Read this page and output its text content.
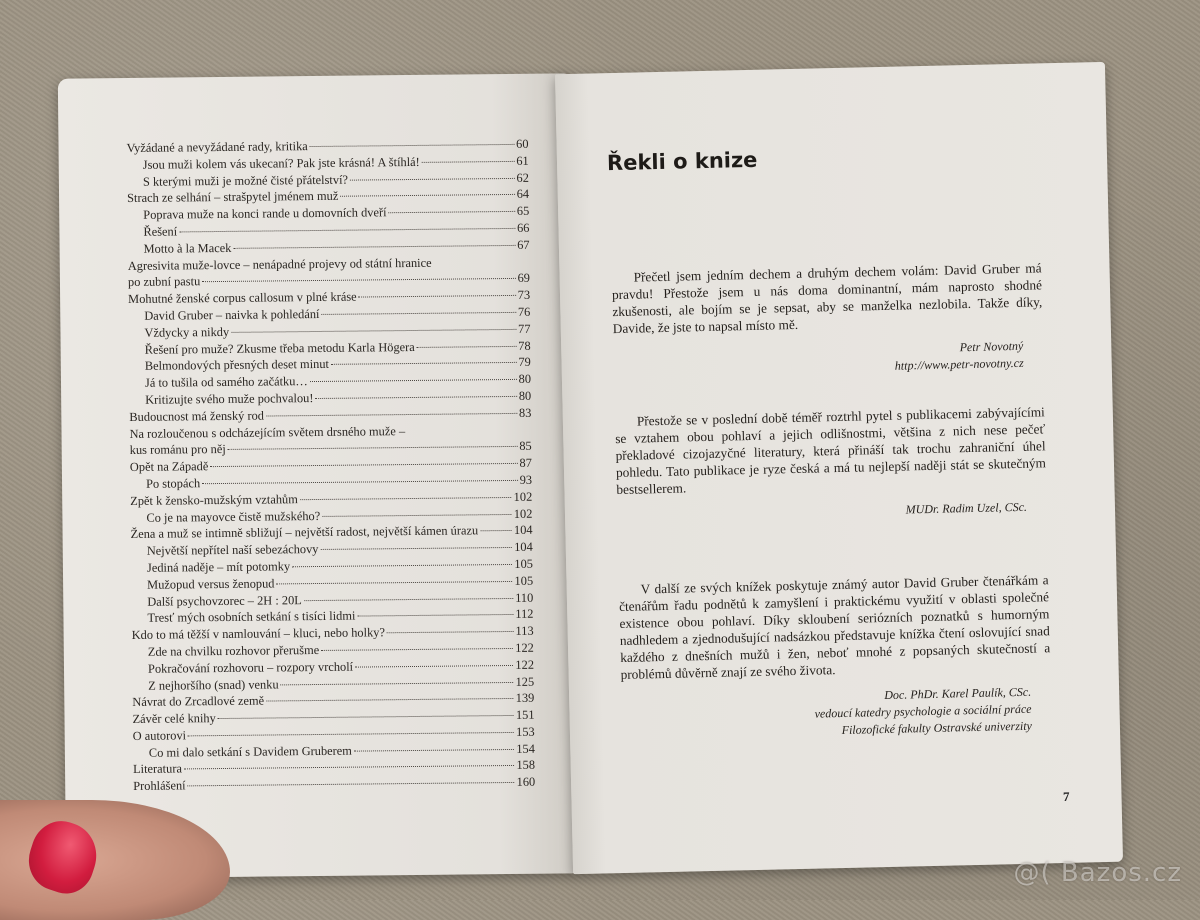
Vyžádané a nevyžádané rady, kritika	60
Jsou muži kolem vás ukecaní? Pak jste krásná! A štíhlá!	61
S kterými muži je možné čisté přátelství?	62
Strach ze selhání – strašpytel jménem muž	64
Poprava muže na konci rande u domovních dveří	65
Řešení	66
Motto à la Macek	67
Agresivita muže-lovce – nenápadné projevy od státní hranice
po zubní pastu	69
Mohutné ženské corpus callosum v plné kráse	73
David Gruber – naivka k pohledání	76
Vždycky a nikdy	77
Řešení pro muže? Zkusme třeba metodu Karla Högera	78
Belmondových přesných deset minut	79
Já to tušila od samého začátku…	80
Kritizujte svého muže pochvalou!	80
Budoucnost má ženský rod	83
Na rozloučenou s odcházejícím světem drsného muže –
kus románu pro něj	85
Opět na Západě	87
Po stopách	93
Zpět k žensko-mužským vztahům	102
Co je na mayovce čistě mužského?	102
Žena a muž se intimně sbližují – největší radost, největší kámen úrazu	104
Největší nepřítel naší sebezáchovy	104
Jediná naděje – mít potomky	105
Mužopud versus ženopud	105
Další psychovzorec – 2H : 20L	110
Tresť mých osobních setkání s tisíci lidmi	112
Kdo to má těžší v namlouvání – kluci, nebo holky?	113
Zde na chvilku rozhovor přerušme	122
Pokračování rozhovoru – rozpory vrcholí	122
Z nejhoršího (snad) venku	125
Návrat do Zrcadlové země	139
Závěr celé knihy	151
O autorovi	153
Co mi dalo setkání s Davidem Gruberem	154
Literatura	158
Prohlášení	160
Řekli o knize

Přečetl jsem jedním dechem a druhým dechem volám: David Gruber má pravdu! Přestože jsem u nás doma dominantní, mám naprosto shodné zkušenosti, ale bojím se je sepsat, aby se manželka nezlobila. Takže díky, Davide, že jste to napsal místo mě.

Petr Novotný
http://www.petr-novotny.cz

Přestože se v poslední době téměř roztrhl pytel s publikacemi zabývajícími se vztahem obou pohlaví a jejich odlišnostmi, většina z nich nese pečeť překladové cizojazyčné literatury, která přináší tak trochu zahraniční úhel pohledu. Tato publikace je ryze česká a má tu nejlepší naději stát se skutečným bestsellerem.

MUDr. Radim Uzel, CSc.

V další ze svých knížek poskytuje známý autor David Gruber čtenářkám a čtenářům řadu podnětů k zamyšlení i praktickému využití v oblasti společné existence obou pohlaví. Díky skloubení seriózních poznatků s humorným nadhledem a zjednodušující nadsázkou představuje knížka čtení oslovující snad každého z dnešních mužů i žen, neboť mnohé z popsaných skutečností a problémů důvěrně znají ze svého života.

Doc. PhDr. Karel Paulík, CSc.
vedoucí katedry psychologie a sociální práce
Filozofické fakulty Ostravské univerzity
7
@( Bazos.cz
